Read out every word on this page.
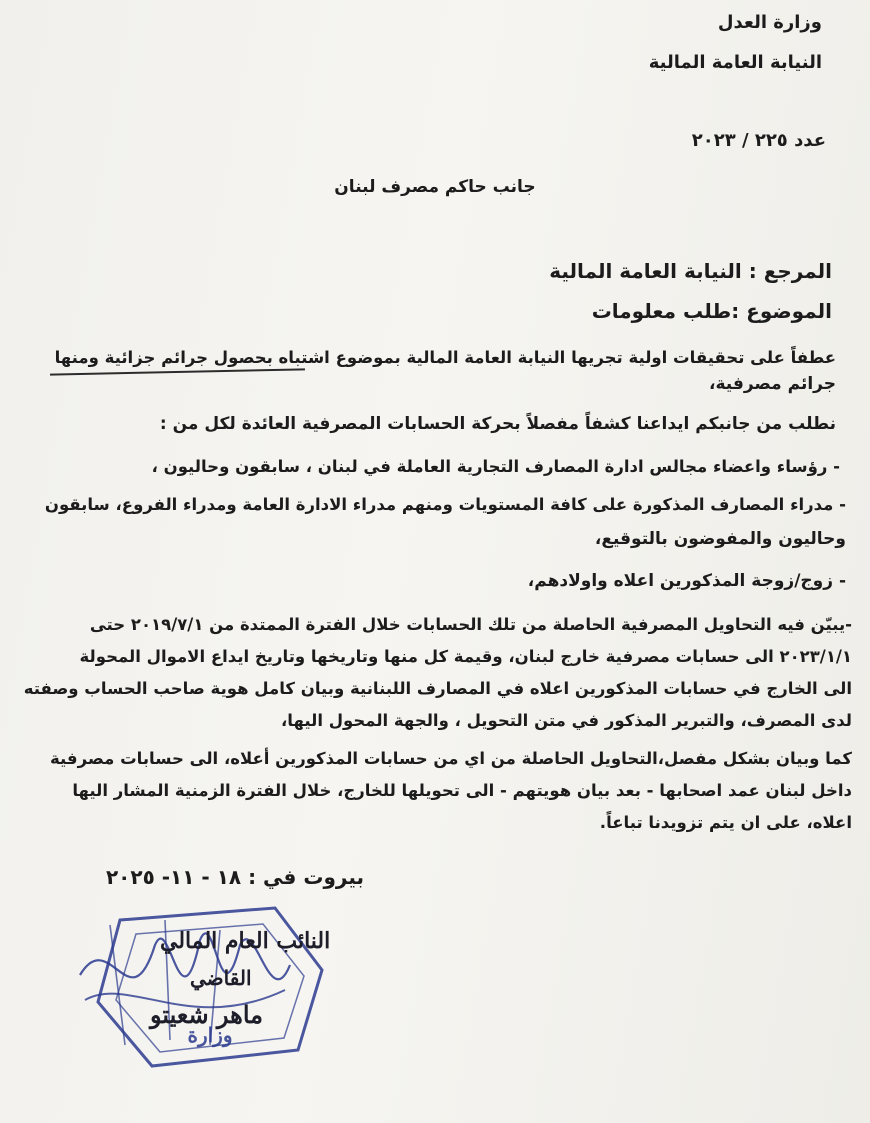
وزارة العدل
النيابة العامة المالية
عدد ٢٢٥ / ٢٠٢٣
جانب حاكم مصرف لبنان
المرجع : النيابة العامة المالية
الموضوع :طلب معلومات
عطفاً على تحقيقات اولية تجريها النيابة العامة المالية بموضوع اشتباه بحصول جرائم جزائية ومنها
جرائم مصرفية،
نطلب من جانبكم ايداعنا كشفاً مفصلاً بحركة الحسابات المصرفية العائدة لكل من :
- رؤساء واعضاء مجالس ادارة المصارف التجارية العاملة في لبنان ، سابقون وحاليون ،
- مدراء المصارف المذكورة على كافة المستويات ومنهم مدراء الادارة العامة ومدراء الفروع، سابقون
وحاليون والمفوضون بالتوقيع،
- زوج/زوجة المذكورين اعلاه واولادهم،
-يبيّن فيه التحاويل المصرفية الحاصلة من تلك الحسابات خلال الفترة الممتدة من ٢٠١٩/٧/١ حتى
٢٠٢٣/١/١ الى حسابات مصرفية خارج لبنان، وقيمة كل منها وتاريخها وتاريخ ايداع الاموال المحولة
الى الخارج في حسابات المذكورين اعلاه في المصارف اللبنانية وبيان كامل هوية صاحب الحساب وصفته
لدى المصرف، والتبرير المذكور في متن التحويل ، والجهة المحول اليها،
كما وبيان بشكل مفصل،التحاويل الحاصلة من اي من حسابات المذكورين أعلاه، الى حسابات مصرفية
داخل لبنان عمد اصحابها - بعد بيان هويتهم - الى تحويلها للخارج، خلال الفترة الزمنية المشار اليها
اعلاه، على ان يتم تزويدنا تباعاً.
بيروت في : ١٨ - ١١- ٢٠٢٥
وزارة
النائب العام المالي
القاضي
ماهر شعيتو
